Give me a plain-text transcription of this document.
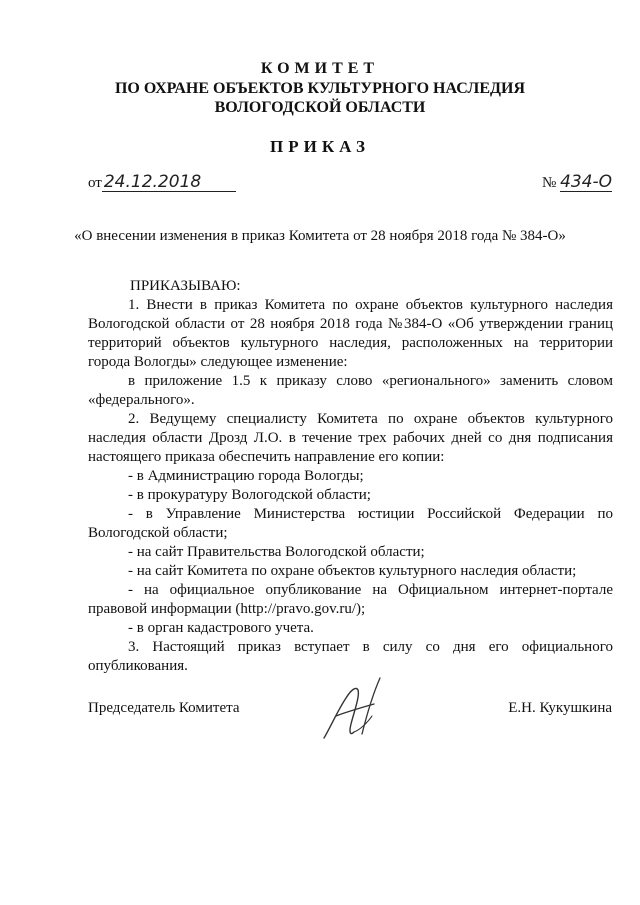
КОМИТЕТ
ПО ОХРАНЕ ОБЪЕКТОВ КУЛЬТУРНОГО НАСЛЕДИЯ
ВОЛОГОДСКОЙ ОБЛАСТИ
ПРИКАЗ
от 24.12.2018	№ 434-О
«О внесении изменения в приказ Комитета от 28 ноября 2018 года № 384-О»

ПРИКАЗЫВАЮ:

1. Внести в приказ Комитета по охране объектов культурного наследия Вологодской области от 28 ноября 2018 года №384-О «Об утверждении границ территорий объектов культурного наследия, расположенных на территории города Вологды» следующее изменение:

в приложение 1.5 к приказу слово «регионального» заменить словом «федерального».

2. Ведущему специалисту Комитета по охране объектов культурного наследия области Дрозд Л.О. в течение трех рабочих дней со дня подписания настоящего приказа обеспечить направление его копии:

- в Администрацию города Вологды;

- в прокуратуру Вологодской области;

- в Управление Министерства юстиции Российской Федерации по Вологодской области;

- на сайт Правительства Вологодской области;

- на сайт Комитета по охране объектов культурного наследия области;

- на официальное опубликование на Официальном интернет-портале правовой информации (http://pravo.gov.ru/);

- в орган кадастрового учета.

3. Настоящий приказ вступает в силу со дня его официального опубликования.

Председатель Комитета	Е.Н. Кукушкина
